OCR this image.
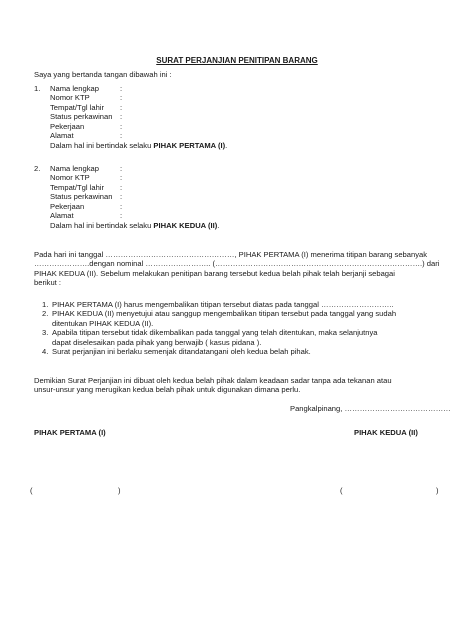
SURAT PERJANJIAN PENITIPAN BARANG
Saya yang bertanda tangan dibawah ini :
1. Nama lengkap	:
Nomor KTP	:
Tempat/Tgl lahir :
Status perkawinan :
Pekerjaan	:
Alamat	:
Dalam hal ini bertindak selaku PIHAK PERTAMA (I).
2. Nama lengkap	:
Nomor KTP	:
Tempat/Tgl lahir :
Status perkawinan :
Pekerjaan	:
Alamat	:
Dalam hal ini bertindak selaku PIHAK KEDUA (II).
Pada hari ini tanggal ……………………………………………, PIHAK PERTAMA (I) menerima titipan barang sebanyak
………………….dengan nominal …………………….. (……………………………………………………………………….) dari
PIHAK KEDUA (II). Sebelum melakukan penitipan barang tersebut kedua belah pihak telah berjanji sebagai
berikut :
1. PIHAK PERTAMA (I) harus mengembalikan titipan tersebut diatas pada tanggal ………………………..
2. PIHAK KEDUA (II) menyetujui atau sanggup mengembalikan titipan tersebut pada tanggal yang sudah
ditentukan PIHAK KEDUA (II).
3. Apabila titipan tersebut tidak dikembalikan pada tanggal yang telah ditentukan, maka selanjutnya
dapat diselesaikan pada pihak yang berwajib ( kasus pidana ).
4. Surat perjanjian ini berlaku semenjak ditandatangani oleh kedua belah pihak.
Demikian Surat Perjanjian ini dibuat oleh kedua belah pihak dalam keadaan sadar tanpa ada tekanan atau
unsur-unsur yang merugikan kedua belah pihak untuk digunakan dimana perlu.
Pangkalpinang, ……………………………………
PIHAK PERTAMA (I)	PIHAK KEDUA (II)
(	)	(	)
